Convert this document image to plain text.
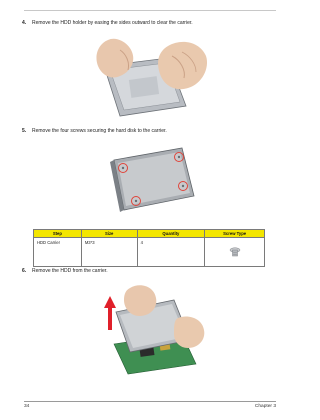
4. Remove the HDD holder by easing the sides outward to clear the carrier.
5. Remove the four screws securing the hard disk to the carrier.
Step	Size	Quantity	Screw Type
HDD Carrier	M3*3	4	
6. Remove the HDD from the carrier.
34	Chapter 3
